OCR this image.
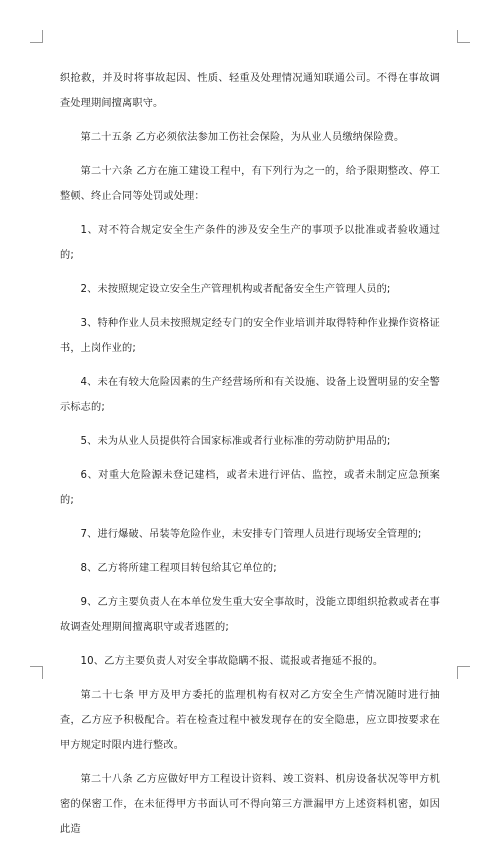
织抢救，并及时将事故起因、性质、轻重及处理情况通知联通公司。不得在事故调查处理期间擅离职守。

第二十五条 乙方必须依法参加工伤社会保险，为从业人员缴纳保险费。

第二十六条 乙方在施工建设工程中，有下列行为之一的，给予限期整改、停工整顿、终止合同等处罚或处理：

1、对不符合规定安全生产条件的涉及安全生产的事项予以批准或者验收通过的;

2、未按照规定设立安全生产管理机构或者配备安全生产管理人员的;

3、特种作业人员未按照规定经专门的安全作业培训并取得特种作业操作资格证书，上岗作业的;

4、未在有较大危险因素的生产经营场所和有关设施、设备上设置明显的安全警示标志的;

5、未为从业人员提供符合国家标准或者行业标准的劳动防护用品的;

6、对重大危险源未登记建档，或者未进行评估、监控，或者未制定应急预案的;

7、进行爆破、吊装等危险作业，未安排专门管理人员进行现场安全管理的;

8、乙方将所建工程项目转包给其它单位的;

9、乙方主要负责人在本单位发生重大安全事故时，没能立即组织抢救或者在事故调查处理期间擅离职守或者逃匿的;

10、乙方主要负责人对安全事故隐瞒不报、谎报或者拖延不报的。

第二十七条 甲方及甲方委托的监理机构有权对乙方安全生产情况随时进行抽查，乙方应予积极配合。若在检查过程中被发现存在的安全隐患，应立即按要求在甲方规定时限内进行整改。

第二十八条 乙方应做好甲方工程设计资料、竣工资料、机房设备状况等甲方机密的保密工作，在未征得甲方书面认可不得向第三方泄漏甲方上述资料机密，如因此造
